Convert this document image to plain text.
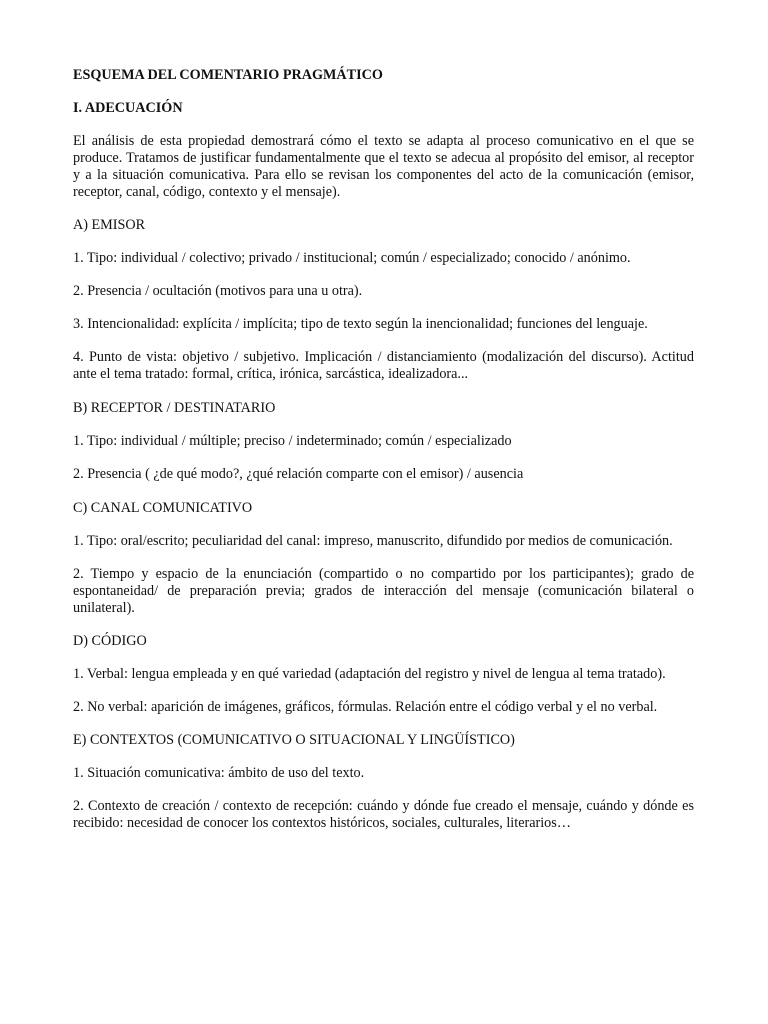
ESQUEMA DEL COMENTARIO PRAGMÁTICO

I. ADECUACIÓN

El análisis de esta propiedad demostrará cómo el texto se adapta al proceso comunicativo en el que se produce. Tratamos de justificar fundamentalmente que el texto se adecua al propósito del emisor, al receptor y a la situación comunicativa. Para ello se revisan los componentes del acto de la comunicación (emisor, receptor, canal, código, contexto y el mensaje).

A) EMISOR

1. Tipo: individual / colectivo; privado / institucional; común / especializado; conocido / anónimo.

2. Presencia / ocultación (motivos para una u otra).

3. Intencionalidad: explícita / implícita; tipo de texto según la inencionalidad; funciones del lenguaje.

4. Punto de vista: objetivo / subjetivo. Implicación / distanciamiento (modalización del discurso). Actitud ante el tema tratado: formal, crítica, irónica, sarcástica, idealizadora...

B) RECEPTOR / DESTINATARIO

1. Tipo: individual / múltiple; preciso / indeterminado; común / especializado

2. Presencia ( ¿de qué modo?, ¿qué relación comparte con el emisor) / ausencia

C) CANAL COMUNICATIVO

1. Tipo: oral/escrito; peculiaridad del canal: impreso, manuscrito, difundido por medios de comunicación.

2. Tiempo y espacio de la enunciación (compartido o no compartido por los participantes); grado de espontaneidad/ de preparación previa; grados de interacción del mensaje (comunicación bilateral o unilateral).

D) CÓDIGO

1. Verbal: lengua empleada y en qué variedad (adaptación del registro y nivel de lengua al tema tratado).

2. No verbal: aparición de imágenes, gráficos, fórmulas. Relación entre el código verbal y el no verbal.

E) CONTEXTOS (COMUNICATIVO O SITUACIONAL Y LINGÜÍSTICO)

1. Situación comunicativa: ámbito de uso del texto.

2. Contexto de creación / contexto de recepción: cuándo y dónde fue creado el mensaje, cuándo y dónde es recibido: necesidad de conocer los contextos históricos, sociales, culturales, literarios…
